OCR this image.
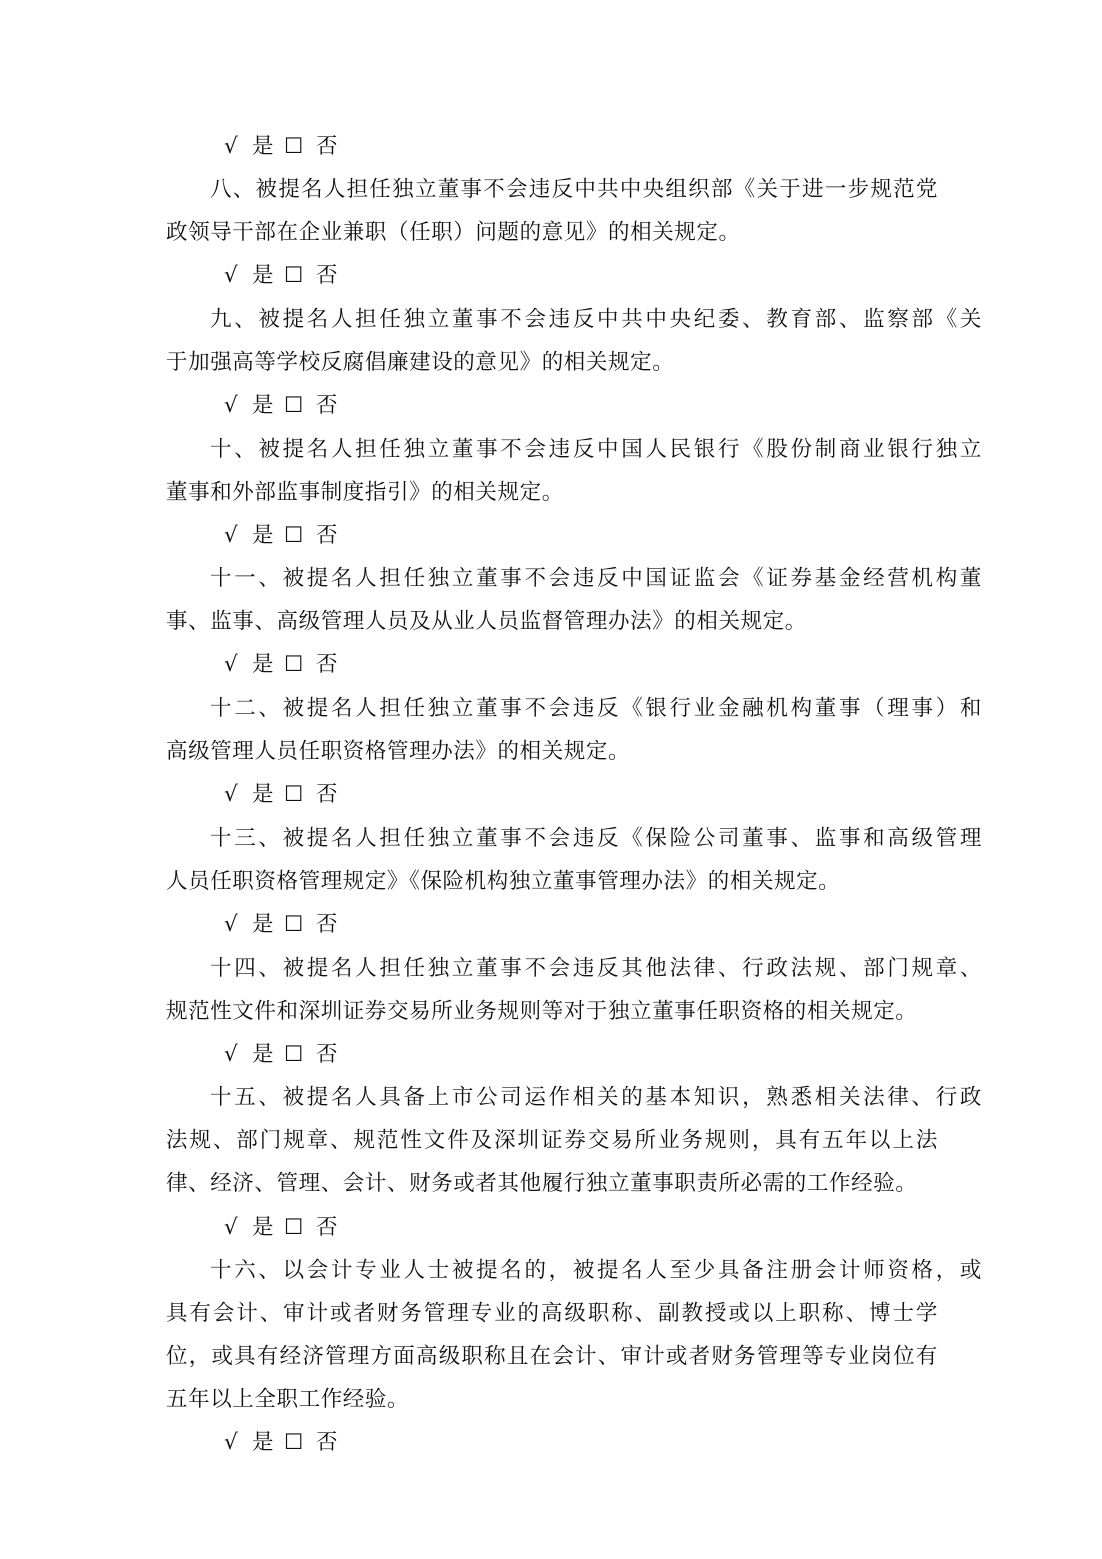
√ 是 ☐ 否
八、被提名人担任独立董事不会违反中共中央组织部《关于进一步规范党
政领导干部在企业兼职（任职）问题的意见》的相关规定。
√ 是 ☐ 否
九、被提名人担任独立董事不会违反中共中央纪委、教育部、监察部《关
于加强高等学校反腐倡廉建设的意见》的相关规定。
√ 是 ☐ 否
十、被提名人担任独立董事不会违反中国人民银行《股份制商业银行独立
董事和外部监事制度指引》的相关规定。
√ 是 ☐ 否
十一、被提名人担任独立董事不会违反中国证监会《证券基金经营机构董
事、监事、高级管理人员及从业人员监督管理办法》的相关规定。
√ 是 ☐ 否
十二、被提名人担任独立董事不会违反《银行业金融机构董事（理事）和
高级管理人员任职资格管理办法》的相关规定。
√ 是 ☐ 否
十三、被提名人担任独立董事不会违反《保险公司董事、监事和高级管理
人员任职资格管理规定》《保险机构独立董事管理办法》的相关规定。
√ 是 ☐ 否
十四、被提名人担任独立董事不会违反其他法律、行政法规、部门规章、
规范性文件和深圳证券交易所业务规则等对于独立董事任职资格的相关规定。
√ 是 ☐ 否
十五、被提名人具备上市公司运作相关的基本知识，熟悉相关法律、行政
法规、部门规章、规范性文件及深圳证券交易所业务规则，具有五年以上法
律、经济、管理、会计、财务或者其他履行独立董事职责所必需的工作经验。
√ 是 ☐ 否
十六、以会计专业人士被提名的，被提名人至少具备注册会计师资格，或
具有会计、审计或者财务管理专业的高级职称、副教授或以上职称、博士学
位，或具有经济管理方面高级职称且在会计、审计或者财务管理等专业岗位有
五年以上全职工作经验。
√ 是 ☐ 否
